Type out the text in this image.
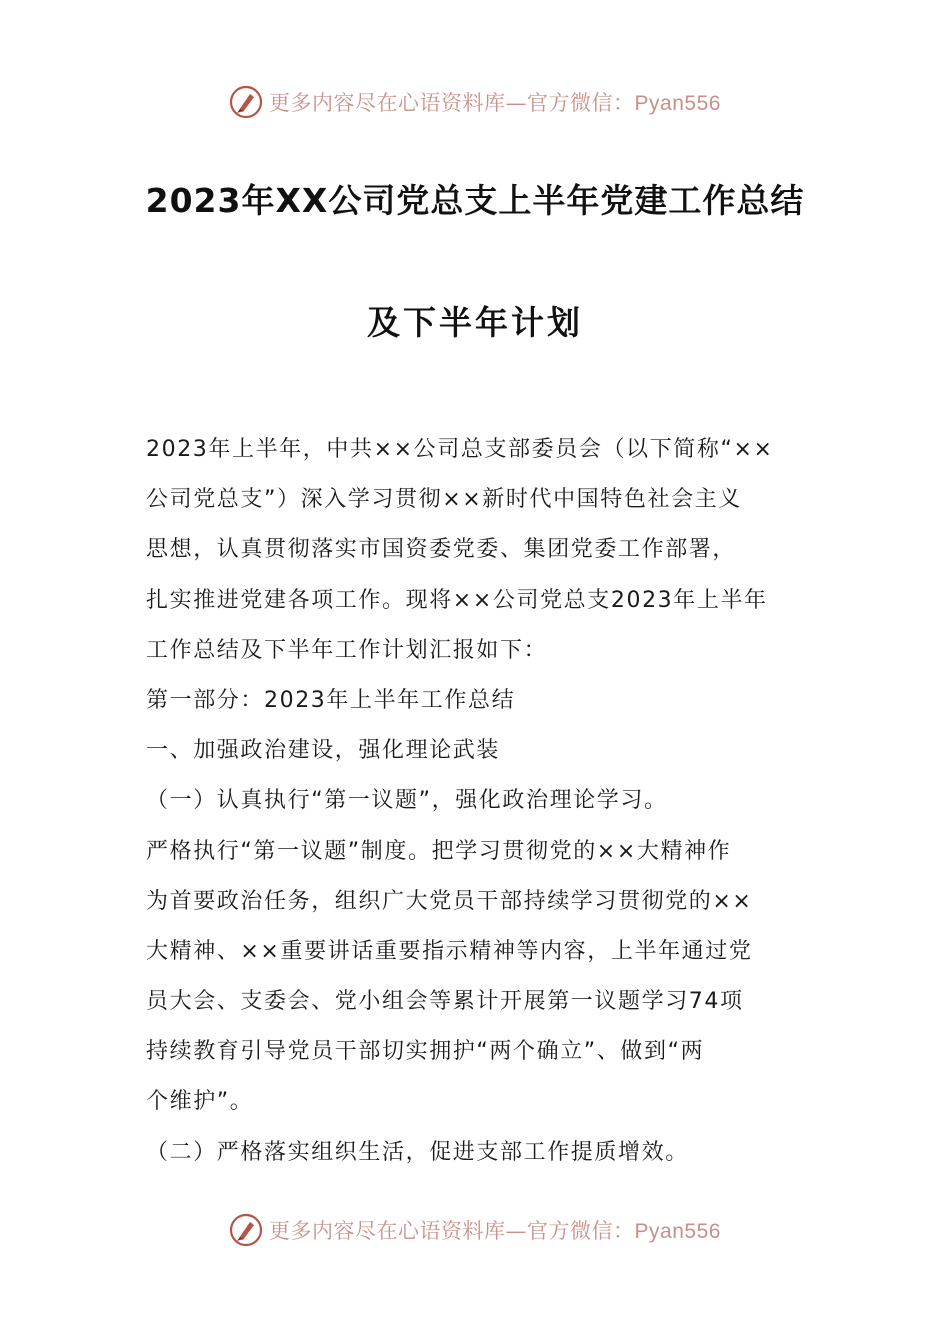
更多内容尽在心语资料库—官方微信：Pyan556
2023年XX公司党总支上半年党建工作总结
及下半年计划
2023年上半年，中共××公司总支部委员会（以下简称“××
公司党总支”）深入学习贯彻××新时代中国特色社会主义
思想，认真贯彻落实市国资委党委、集团党委工作部署，
扎实推进党建各项工作。现将××公司党总支2023年上半年
工作总结及下半年工作计划汇报如下：
第一部分：2023年上半年工作总结
一、加强政治建设，强化理论武装
（一）认真执行“第一议题”，强化政治理论学习。
严格执行“第一议题”制度。把学习贯彻党的××大精神作
为首要政治任务，组织广大党员干部持续学习贯彻党的××
大精神、××重要讲话重要指示精神等内容，上半年通过党
员大会、支委会、党小组会等累计开展第一议题学习74项
持续教育引导党员干部切实拥护“两个确立”、做到“两
个维护”。
（二）严格落实组织生活，促进支部工作提质增效。
更多内容尽在心语资料库—官方微信：Pyan556
